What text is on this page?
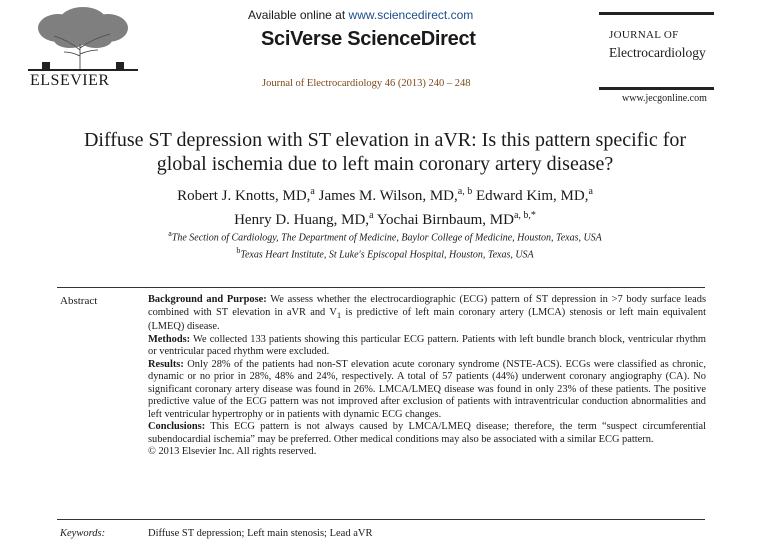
ELSEVIER
Available online at www.sciencedirect.com
SciVerse ScienceDirect
Journal of Electrocardiology 46 (2013) 240 – 248
JOURNAL OF
Electrocardiology
www.jecgonline.com
Diffuse ST depression with ST elevation in aVR: Is this pattern specific for
global ischemia due to left main coronary artery disease?
Robert J. Knotts, MD,$^a$ James M. Wilson, MD,$^{a, b}$ Edward Kim, MD,$^a$
Henry D. Huang, MD,$^a$ Yochai Birnbaum, $MD^{a, b,*}$
$^a$The Section of Cardiology, The Department of Medicine, Baylor College of Medicine, Houston, Texas, USA
$^b$Texas Heart Institute, St Luke's Episcopal Hospital, Houston, Texas, USA
Abstract	Background and Purpose: We assess whether the electrocardiographic (ECG) pattern of ST depression in >7 body surface leads combined with ST elevation in aVR and $V_1$ is predictive of left main coronary artery (LMCA) stenosis or left main equivalent (LMEQ) disease.

Methods: We collected 133 patients showing this particular ECG pattern. Patients with left bundle branch block, ventricular rhythm or ventricular paced rhythm were excluded.

Results: Only 28% of the patients had non-ST elevation acute coronary syndrome (NSTE-ACS). ECGs were classified as chronic, dynamic or no prior in 28%, 48% and 24%, respectively. A total of 57 patients (44%) underwent coronary angiography (CA). No significant coronary artery disease was found in 26%. LMCA/LMEQ disease was found in only 23% of these patients. The positive predictive value of the ECG pattern was not improved after exclusion of patients with intraventricular conduction abnormalities and left ventricular hypertrophy or in patients with dynamic ECG changes.

Conclusions: This ECG pattern is not always caused by LMCA/LMEQ disease; therefore, the term “suspect circumferential subendocardial ischemia” may be preferred. Other medical conditions may also be associated with a similar ECG pattern.

© 2013 Elsevier Inc. All rights reserved.

Keywords:	Diffuse ST depression; Left main stenosis; Lead aVR
